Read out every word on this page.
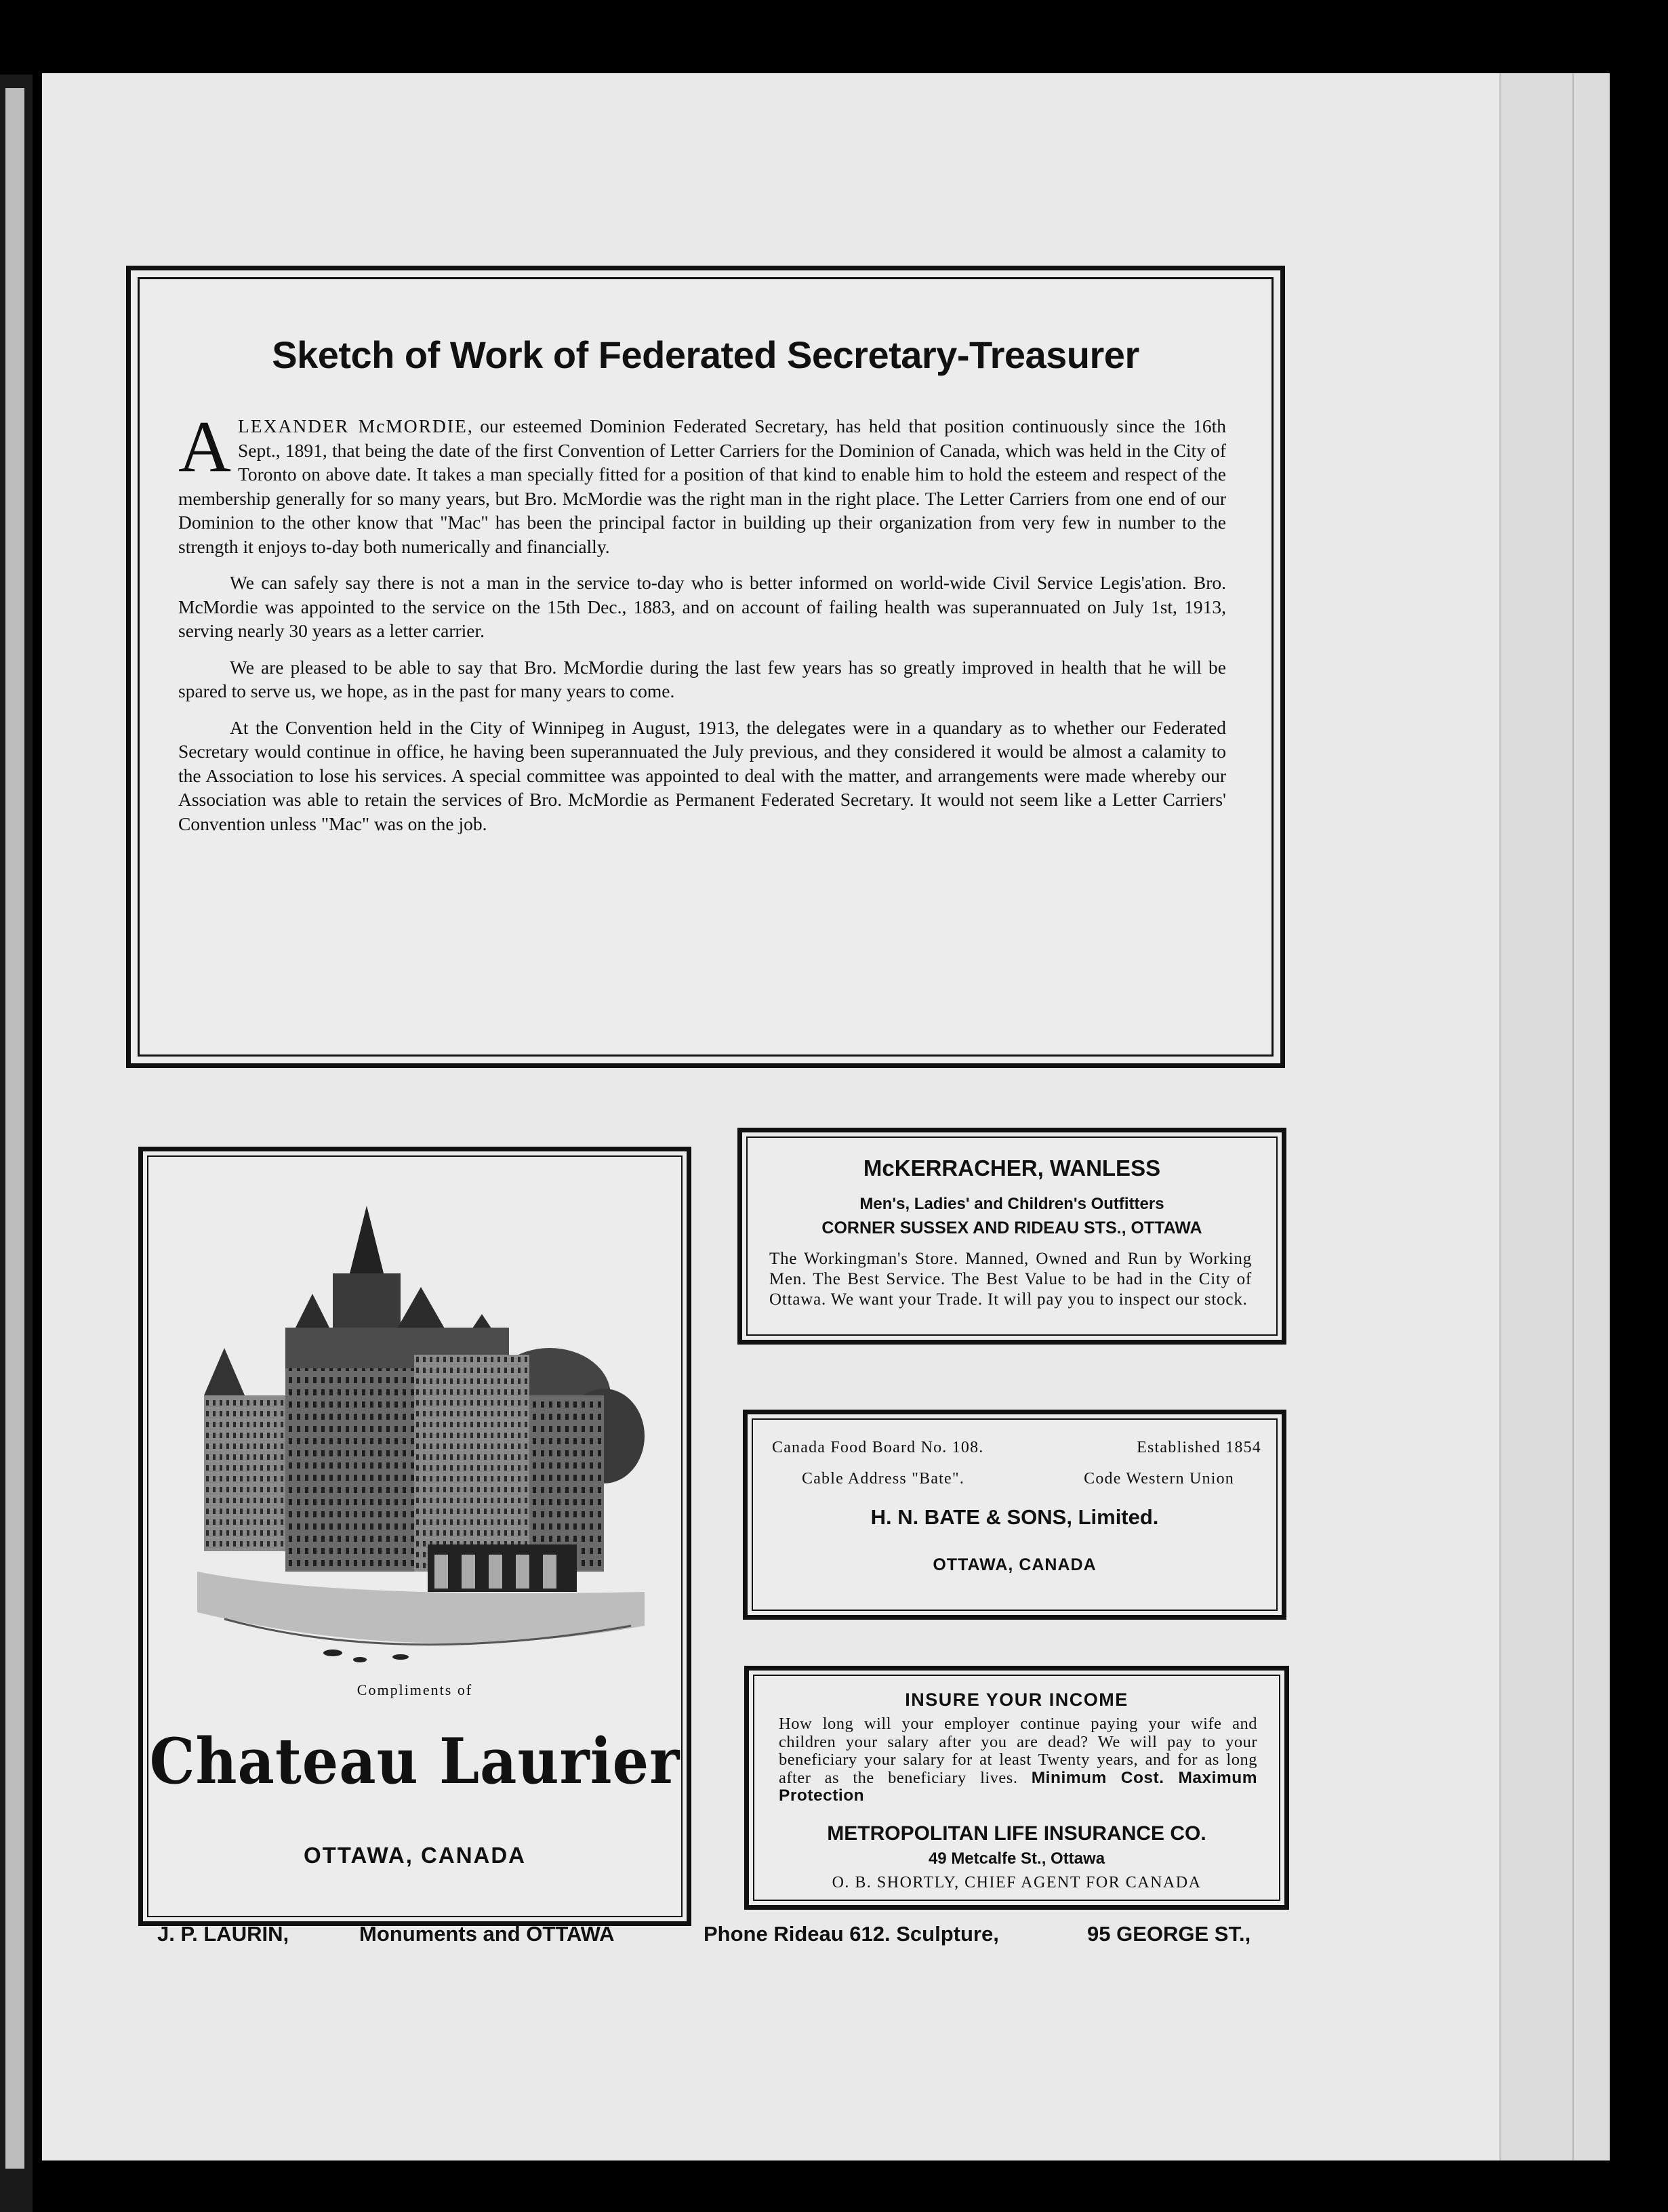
Sketch of Work of Federated Secretary-Treasurer

ALEXANDER McMORDIE, our esteemed Dominion Federated Secretary, has held that position continuously since the 16th Sept., 1891, that being the date of the first Convention of Letter Carriers for the Dominion of Canada, which was held in the City of Toronto on above date. It takes a man specially fitted for a position of that kind to enable him to hold the esteem and respect of the membership generally for so many years, but Bro. McMordie was the right man in the right place. The Letter Carriers from one end of our Dominion to the other know that "Mac" has been the principal factor in building up their organization from very few in number to the strength it enjoys to-day both numerically and financially.

We can safely say there is not a man in the service to-day who is better informed on world-wide Civil Service Legis'ation. Bro. McMordie was appointed to the service on the 15th Dec., 1883, and on account of failing health was superannuated on July 1st, 1913, serving nearly 30 years as a letter carrier.

We are pleased to be able to say that Bro. McMordie during the last few years has so greatly improved in health that he will be spared to serve us, we hope, as in the past for many years to come.

At the Convention held in the City of Winnipeg in August, 1913, the delegates were in a quandary as to whether our Federated Secretary would continue in office, he having been superannuated the July previous, and they considered it would be almost a calamity to the Association to lose his services. A special committee was appointed to deal with the matter, and arrangements were made whereby our Association was able to retain the services of Bro. McMordie as Permanent Federated Secretary. It would not seem like a Letter Carriers' Convention unless "Mac" was on the job.

Compliments of
Chateau Laurier
OTTAWA, CANADA
McKERRACHER, WANLESS
Men's, Ladies' and Children's Outfitters
CORNER SUSSEX AND RIDEAU STS., OTTAWA
The Workingman's Store. Manned, Owned and Run by Working Men. The Best Service. The Best Value to be had in the City of Ottawa. We want your Trade. It will pay you to inspect our stock.
Canada Food Board No. 108.	Established 1854
Cable Address "Bate".	Code Western Union
H. N. BATE & SONS, Limited.
OTTAWA, CANADA
INSURE YOUR INCOME
How long will your employer continue paying your wife and children your salary after you are dead? We will pay to your beneficiary your salary for at least Twenty years, and for as long after as the beneficiary lives. Minimum Cost. Maximum Protection
METROPOLITAN LIFE INSURANCE CO.
49 Metcalfe St., Ottawa
O. B. SHORTLY, CHIEF AGENT FOR CANADA
J. P. LAURIN,	Monuments and OTTAWA	Phone Rideau 612. Sculpture,	95 GEORGE ST.,
